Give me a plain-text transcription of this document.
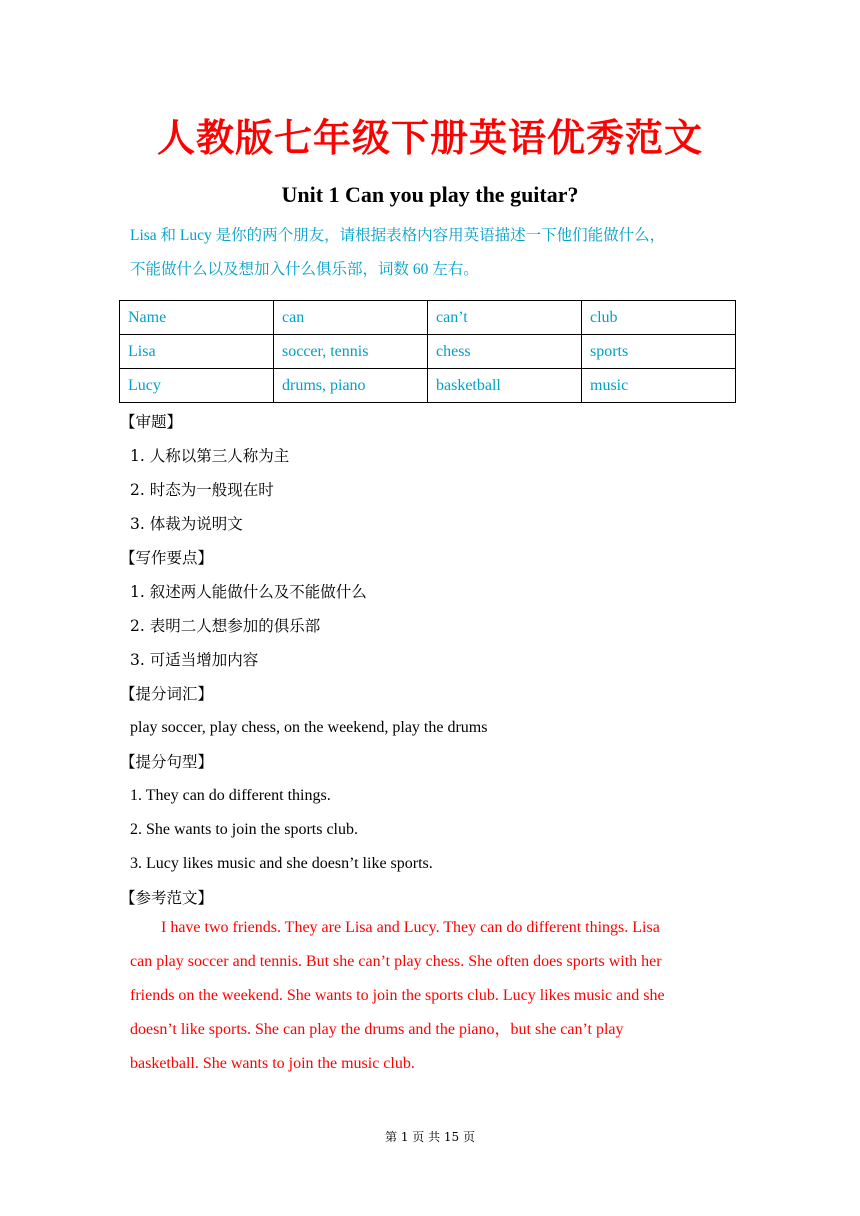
人教版七年级下册英语优秀范文
Unit 1 Can you play the guitar?

Lisa 和 Lucy 是你的两个朋友，请根据表格内容用英语描述一下他们能做什么，
不能做什么以及想加入什么俱乐部，词数 60 左右。

Name	can	can’t	club
Lisa	soccer, tennis	chess	sports
Lucy	drums, piano	basketball	music
【审题】
1. 人称以第三人称为主
2. 时态为一般现在时
3. 体裁为说明文
【写作要点】
1. 叙述两人能做什么及不能做什么
2. 表明二人想参加的俱乐部
3. 可适当增加内容
【提分词汇】
play soccer, play chess, on the weekend, play the drums
【提分句型】
1. They can do different things.
2. She wants to join the sports club.
3. Lucy likes music and she doesn’t like sports.
【参考范文】
I have two friends. They are Lisa and Lucy. They can do different things. Lisa
can play soccer and tennis. But she can’t play chess. She often does sports with her
friends on the weekend. She wants to join the sports club. Lucy likes music and she
doesn’t like sports. She can play the drums and the piano，but she can’t play
basketball. She wants to join the music club.
第 1 页 共 15 页
